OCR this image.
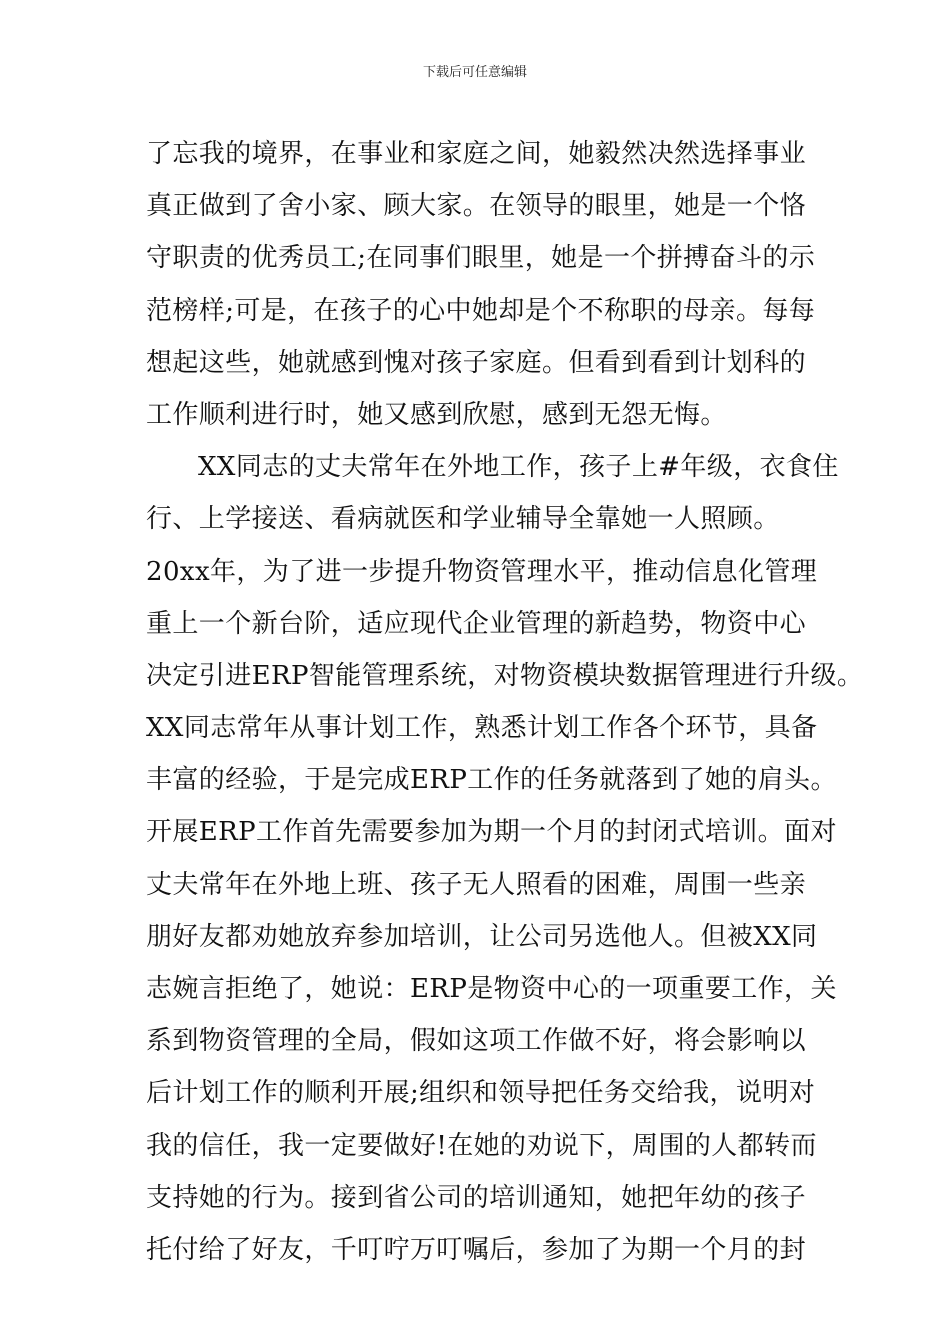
下载后可任意编辑
了忘我的境界，在事业和家庭之间，她毅然决然选择事业
真正做到了舍小家、顾大家。在领导的眼里，她是一个恪
守职责的优秀员工;在同事们眼里，她是一个拼搏奋斗的示
范榜样;可是，在孩子的心中她却是个不称职的母亲。每每
想起这些，她就感到愧对孩子家庭。但看到看到计划科的
工作顺利进行时，她又感到欣慰，感到无怨无悔。
XX同志的丈夫常年在外地工作，孩子上#年级，衣食住
行、上学接送、看病就医和学业辅导全靠她一人照顾。
20xx年，为了进一步提升物资管理水平，推动信息化管理
重上一个新台阶，适应现代企业管理的新趋势，物资中心
决定引进ERP智能管理系统，对物资模块数据管理进行升级。
XX同志常年从事计划工作，熟悉计划工作各个环节，具备
丰富的经验，于是完成ERP工作的任务就落到了她的肩头。
开展ERP工作首先需要参加为期一个月的封闭式培训。面对
丈夫常年在外地上班、孩子无人照看的困难，周围一些亲
朋好友都劝她放弃参加培训，让公司另选他人。但被XX同
志婉言拒绝了，她说：ERP是物资中心的一项重要工作，关
系到物资管理的全局，假如这项工作做不好，将会影响以
后计划工作的顺利开展;组织和领导把任务交给我，说明对
我的信任，我一定要做好!在她的劝说下，周围的人都转而
支持她的行为。接到省公司的培训通知，她把年幼的孩子
托付给了好友，千叮咛万叮嘱后，参加了为期一个月的封
